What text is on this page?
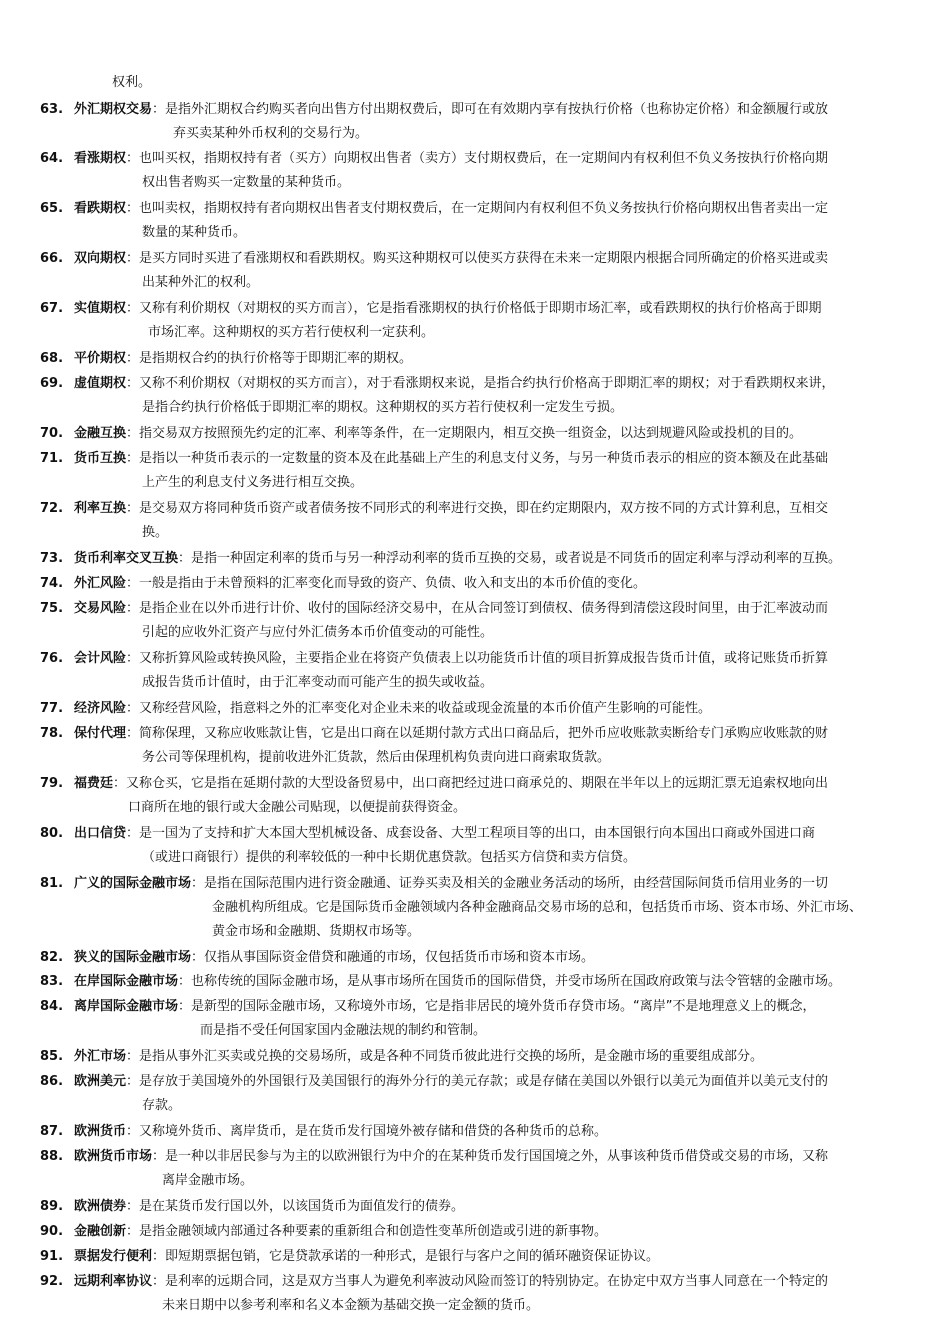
权利。
63. 外汇期权交易：是指外汇期权合约购买者向出售方付出期权费后，即可在有效期内享有按执行价格（也称协定价格）和金额履行或放
弃买卖某种外币权利的交易行为。
64. 看涨期权：也叫买权，指期权持有者（买方）向期权出售者（卖方）支付期权费后，在一定期间内有权利但不负义务按执行价格向期
权出售者购买一定数量的某种货币。
65. 看跌期权：也叫卖权，指期权持有者向期权出售者支付期权费后，在一定期间内有权利但不负义务按执行价格向期权出售者卖出一定
数量的某种货币。
66. 双向期权：是买方同时买进了看涨期权和看跌期权。购买这种期权可以使买方获得在未来一定期限内根据合同所确定的价格买进或卖
出某种外汇的权利。
67. 实值期权：又称有利价期权（对期权的买方而言），它是指看涨期权的执行价格低于即期市场汇率，或看跌期权的执行价格高于即期
市场汇率。这种期权的买方若行使权利一定获利。
68. 平价期权：是指期权合约的执行价格等于即期汇率的期权。
69. 虚值期权：又称不利价期权（对期权的买方而言），对于看涨期权来说，是指合约执行价格高于即期汇率的期权；对于看跌期权来讲，
是指合约执行价格低于即期汇率的期权。这种期权的买方若行使权利一定发生亏损。
70. 金融互换：指交易双方按照预先约定的汇率、利率等条件，在一定期限内，相互交换一组资金，以达到规避风险或投机的目的。
71. 货币互换：是指以一种货币表示的一定数量的资本及在此基础上产生的利息支付义务，与另一种货币表示的相应的资本额及在此基础
上产生的利息支付义务进行相互交换。
72. 利率互换：是交易双方将同种货币资产或者债务按不同形式的利率进行交换，即在约定期限内，双方按不同的方式计算利息，互相交
换。
73. 货币利率交叉互换：是指一种固定利率的货币与另一种浮动利率的货币互换的交易，或者说是不同货币的固定利率与浮动利率的互换。
74. 外汇风险：一般是指由于未曾预料的汇率变化而导致的资产、负债、收入和支出的本币价值的变化。
75. 交易风险：是指企业在以外币进行计价、收付的国际经济交易中，在从合同签订到债权、债务得到清偿这段时间里，由于汇率波动而
引起的应收外汇资产与应付外汇债务本币价值变动的可能性。
76. 会计风险：又称折算风险或转换风险，主要指企业在将资产负债表上以功能货币计值的项目折算成报告货币计值，或将记账货币折算
成报告货币计值时，由于汇率变动而可能产生的损失或收益。
77. 经济风险：又称经营风险，指意料之外的汇率变化对企业未来的收益或现金流量的本币价值产生影响的可能性。
78. 保付代理：简称保理，又称应收账款让售，它是出口商在以延期付款方式出口商品后，把外币应收账款卖断给专门承购应收账款的财
务公司等保理机构，提前收进外汇货款，然后由保理机构负责向进口商索取货款。
79. 福费廷：又称仓买，它是指在延期付款的大型设备贸易中，出口商把经过进口商承兑的、期限在半年以上的远期汇票无追索权地向出
口商所在地的银行或大金融公司贴现，以便提前获得资金。
80. 出口信贷：是一国为了支持和扩大本国大型机械设备、成套设备、大型工程项目等的出口，由本国银行向本国出口商或外国进口商
（或进口商银行）提供的利率较低的一种中长期优惠贷款。包括买方信贷和卖方信贷。
81. 广义的国际金融市场：是指在国际范围内进行资金融通、证券买卖及相关的金融业务活动的场所，由经营国际间货币信用业务的一切
金融机构所组成。它是国际货币金融领域内各种金融商品交易市场的总和，包括货币市场、资本市场、外汇市场、
黄金市场和金融期、货期权市场等。
82. 狭义的国际金融市场：仅指从事国际资金借贷和融通的市场，仅包括货币市场和资本市场。
83. 在岸国际金融市场：也称传统的国际金融市场，是从事市场所在国货币的国际借贷，并受市场所在国政府政策与法令管辖的金融市场。
84. 离岸国际金融市场：是新型的国际金融市场，又称境外市场，它是指非居民的境外货币存贷市场。“离岸”不是地理意义上的概念，
而是指不受任何国家国内金融法规的制约和管制。
85. 外汇市场：是指从事外汇买卖或兑换的交易场所，或是各种不同货币彼此进行交换的场所，是金融市场的重要组成部分。
86. 欧洲美元：是存放于美国境外的外国银行及美国银行的海外分行的美元存款；或是存储在美国以外银行以美元为面值并以美元支付的
存款。
87. 欧洲货币：又称境外货币、离岸货币，是在货币发行国境外被存储和借贷的各种货币的总称。
88. 欧洲货币市场：是一种以非居民参与为主的以欧洲银行为中介的在某种货币发行国国境之外，从事该种货币借贷或交易的市场，又称
离岸金融市场。
89. 欧洲债券：是在某货币发行国以外，以该国货币为面值发行的债券。
90. 金融创新：是指金融领域内部通过各种要素的重新组合和创造性变革所创造或引进的新事物。
91. 票据发行便利：即短期票据包销，它是贷款承诺的一种形式，是银行与客户之间的循环融资保证协议。
92. 远期利率协议：是利率的远期合同，这是双方当事人为避免利率波动风险而签订的特别协定。在协定中双方当事人同意在一个特定的
未来日期中以参考利率和名义本金额为基础交换一定金额的货币。
